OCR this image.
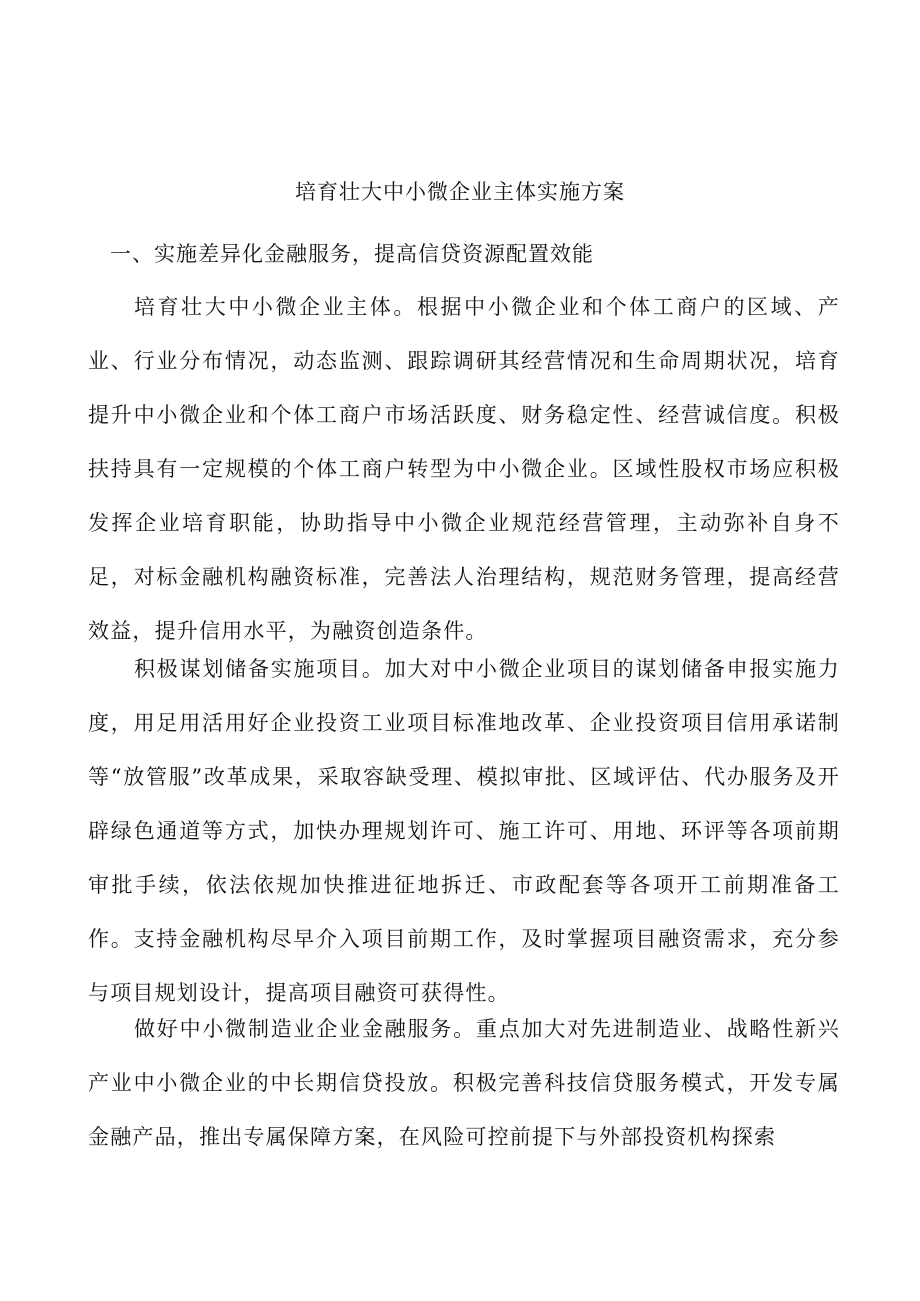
培育壮大中小微企业主体实施方案
一、实施差异化金融服务，提高信贷资源配置效能

培育壮大中小微企业主体。根据中小微企业和个体工商户的区域、产业、行业分布情况，动态监测、跟踪调研其经营情况和生命周期状况，培育提升中小微企业和个体工商户市场活跃度、财务稳定性、经营诚信度。积极扶持具有一定规模的个体工商户转型为中小微企业。区域性股权市场应积极发挥企业培育职能，协助指导中小微企业规范经营管理，主动弥补自身不足，对标金融机构融资标准，完善法人治理结构，规范财务管理，提高经营效益，提升信用水平，为融资创造条件。

积极谋划储备实施项目。加大对中小微企业项目的谋划储备申报实施力度，用足用活用好企业投资工业项目标准地改革、企业投资项目信用承诺制等“放管服”改革成果，采取容缺受理、模拟审批、区域评估、代办服务及开辟绿色通道等方式，加快办理规划许可、施工许可、用地、环评等各项前期审批手续，依法依规加快推进征地拆迁、市政配套等各项开工前期准备工作。支持金融机构尽早介入项目前期工作，及时掌握项目融资需求，充分参与项目规划设计，提高项目融资可获得性。

做好中小微制造业企业金融服务。重点加大对先进制造业、战略性新兴产业中小微企业的中长期信贷投放。积极完善科技信贷服务模式，开发专属金融产品，推出专属保障方案，在风险可控前提下与外部投资机构探索
